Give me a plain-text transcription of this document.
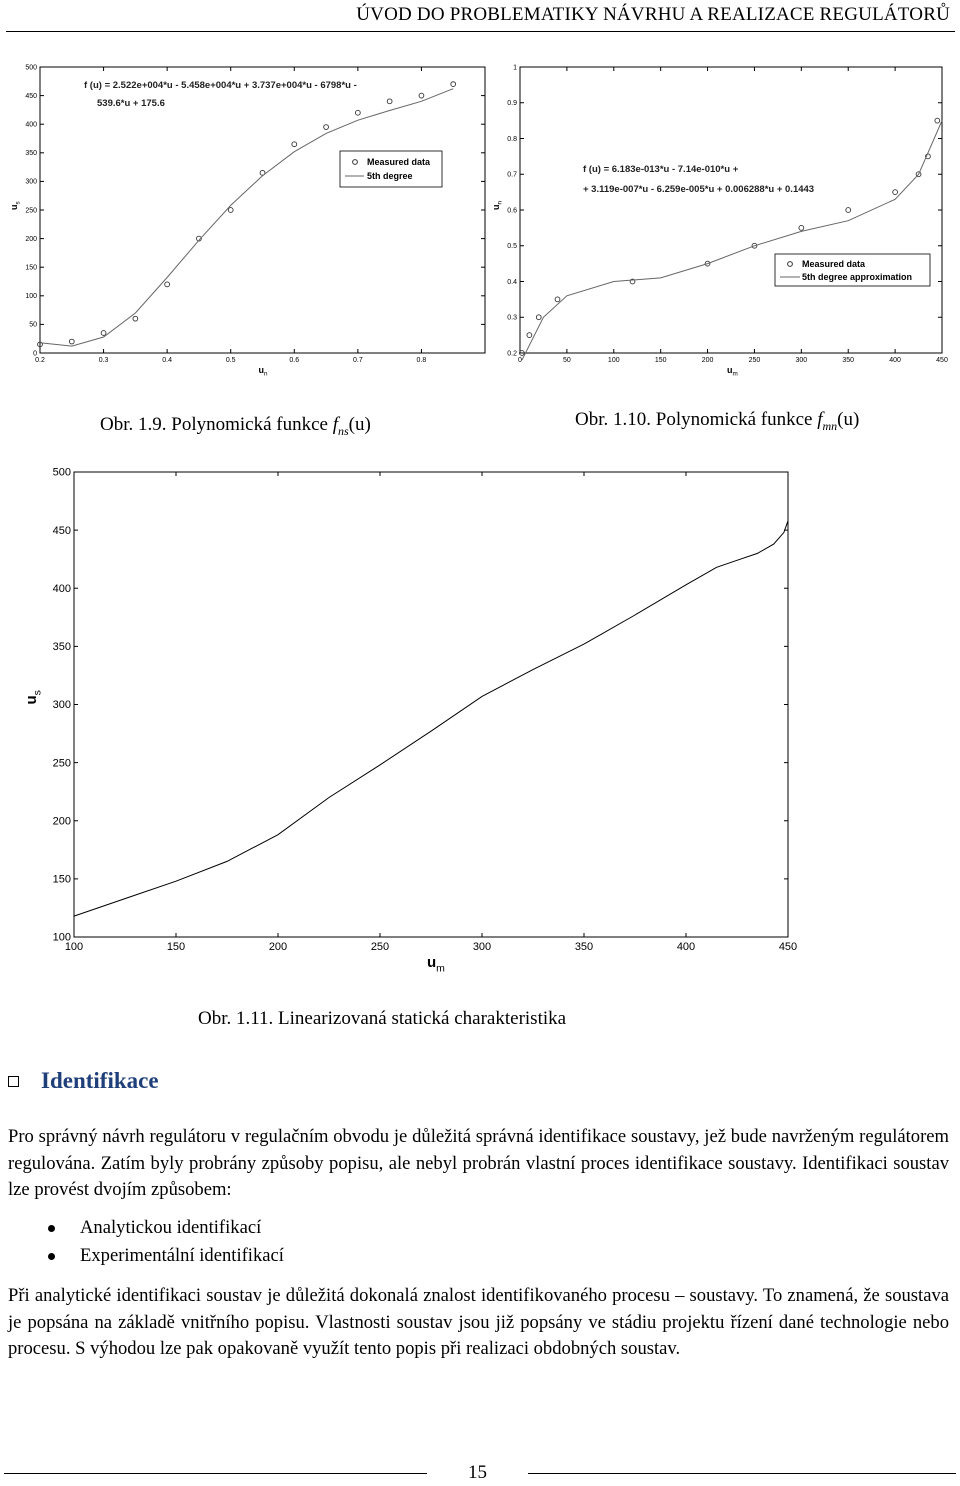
ÚVOD DO PROBLEMATIKY NÁVRHU A REALIZACE REGULÁTORŮ
0.2	0.3	0.4	0.5	0.6	0.7	0.8
0
50
100
150
200
250
300
350
400
450
500
$u_n$
$u_s$
f (u) = 2.522e+004*u - 5.458e+004*u + 3.737e+004*u - 6798*u -
539.6*u + 175.6
Measured data
5th degree
0	50	100	150	200	250	300	350	400	450
0.2
0.3
0.4
0.5
0.6
0.7
0.8
0.9
1
$u_m$
$u_n$
f (u) = 6.183e-013*u - 7.14e-010*u +
+ 3.119e-007*u - 6.259e-005*u + 0.006288*u + 0.1443
Measured data
5th degree approximation
Obr. 1.9. Polynomická funkce $f_{ns}(u)$	Obr. 1.10. Polynomická funkce $f_{mn}(u)$
100	150	200	250	300	350	400	450
100
150
200
250
300
350
400
450
500
$u_m$
$u_s$
Obr. 1.11. Linearizovaná statická charakteristika
Identifikace
Pro správný návrh regulátoru v regulačním obvodu je důležitá správná identifikace soustavy, jež bude navrženým regulátorem regulována. Zatím byly probrány způsoby popisu, ale nebyl probrán vlastní proces identifikace soustavy. Identifikaci soustav lze provést dvojím způsobem:
Analytickou identifikací
Experimentální identifikací
Při analytické identifikaci soustav je důležitá dokonalá znalost identifikovaného procesu – soustavy. To znamená, že soustava je popsána na základě vnitřního popisu. Vlastnosti soustav jsou již popsány ve stádiu projektu řízení dané technologie nebo procesu. S výhodou lze pak opakovaně využít tento popis při realizaci obdobných soustav.
15
